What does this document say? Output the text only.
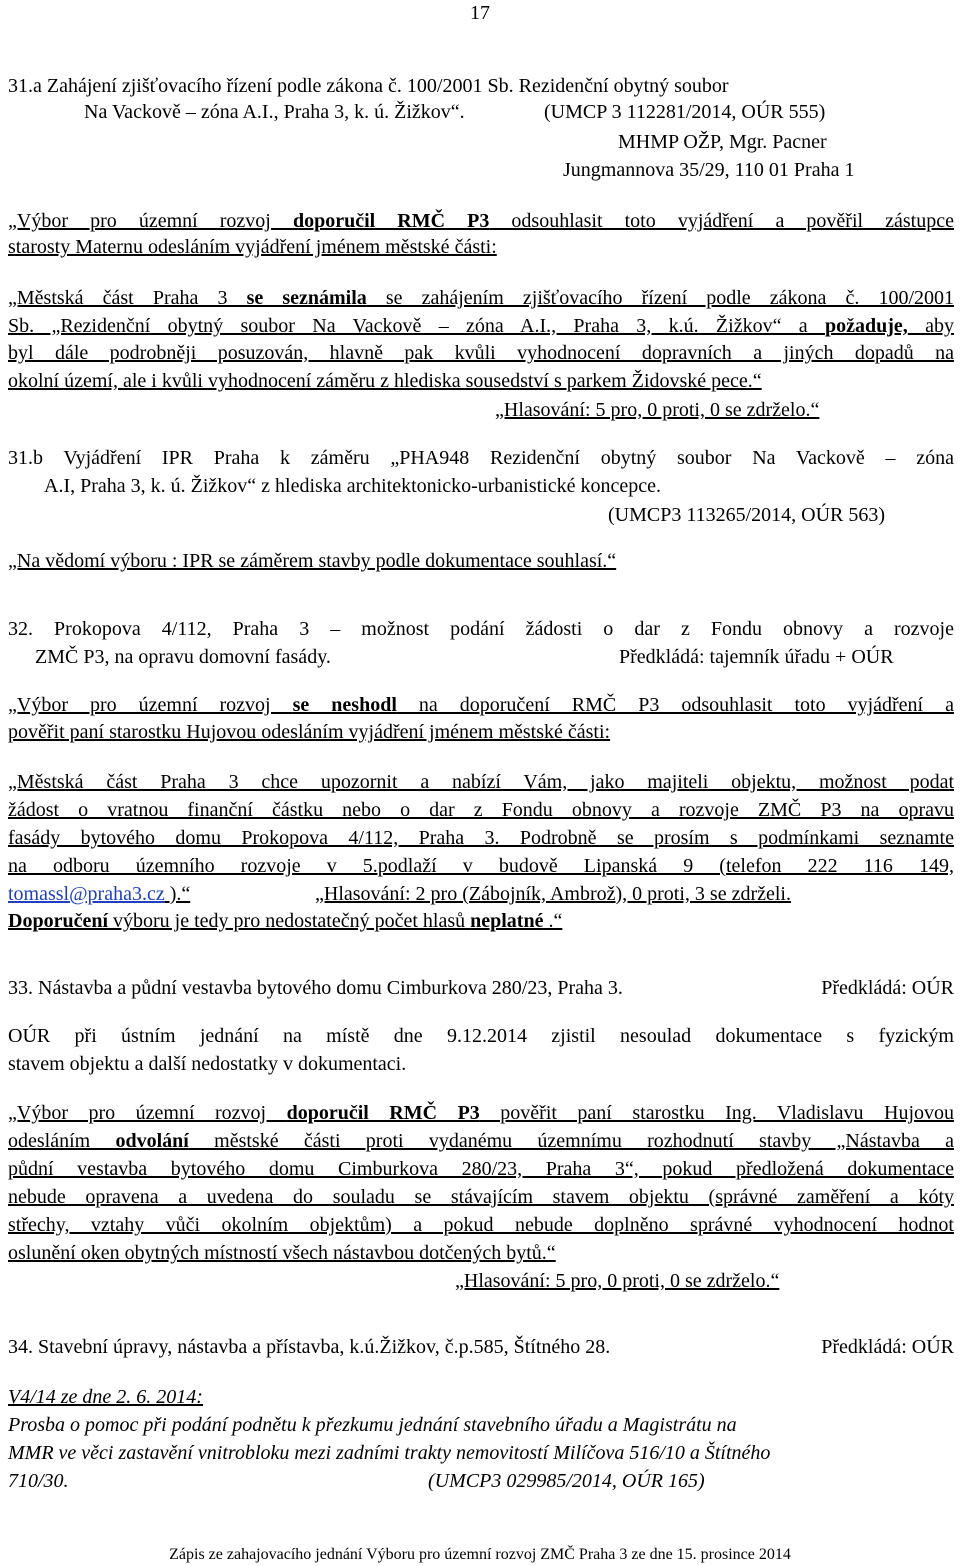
17
31.a Zahájení zjišťovacího řízení podle zákona č. 100/2001 Sb. Rezidenční obytný soubor
Na Vackově – zóna A.I., Praha 3, k. ú. Žižkov“.	(UMCP 3 112281/2014, OÚR 555)
MHMP OŽP, Mgr. Pacner
Jungmannova 35/29, 110 01 Praha 1
„Výbor pro územní rozvoj doporučil RMČ P3 odsouhlasit toto vyjádření a pověřil zástupce
starosty Maternu odesláním vyjádření jménem městské části:
„Městská část Praha 3 se seznámila se zahájením zjišťovacího řízení podle zákona č. 100/2001
Sb. „Rezidenční obytný soubor Na Vackově – zóna A.I., Praha 3, k.ú. Žižkov“ a požaduje, aby
byl dále podrobněji posuzován, hlavně pak kvůli vyhodnocení dopravních a jiných dopadů na
okolní území, ale i kvůli vyhodnocení záměru z hlediska sousedství s parkem Židovské pece.“
„Hlasování: 5 pro, 0 proti, 0 se zdrželo.“
31.b Vyjádření IPR Praha k záměru „PHA948 Rezidenční obytný soubor Na Vackově – zóna
A.I, Praha 3, k. ú. Žižkov“ z hlediska architektonicko-urbanistické koncepce.
(UMCP3 113265/2014, OÚR 563)
„Na vědomí výboru : IPR se záměrem stavby podle dokumentace souhlasí.“
32. Prokopova 4/112, Praha 3 – možnost podání žádosti o dar z Fondu obnovy a rozvoje
ZMČ P3, na opravu domovní fasády.	Předkládá: tajemník úřadu + OÚR
„Výbor pro územní rozvoj se neshodl na doporučení RMČ P3 odsouhlasit toto vyjádření a
pověřit paní starostku Hujovou odesláním vyjádření jménem městské části:
„Městská část Praha 3 chce upozornit a nabízí Vám, jako majiteli objektu, možnost podat
žádost o vratnou finanční částku nebo o dar z Fondu obnovy a rozvoje ZMČ P3 na opravu
fasády bytového domu Prokopova 4/112, Praha 3. Podrobně se prosím s podmínkami seznamte
na odboru územního rozvoje v 5.podlaží v budově Lipanská 9 (telefon 222 116 149,
tomassl@praha3.cz ).“	„Hlasování: 2 pro (Zábojník, Ambrož), 0 proti, 3 se zdrželi.
Doporučení výboru je tedy pro nedostatečný počet hlasů neplatné .“
33. Nástavba a půdní vestavba bytového domu Cimburkova 280/23, Praha 3.	Předkládá: OÚR
OÚR při ústním jednání na místě dne 9.12.2014 zjistil nesoulad dokumentace s fyzickým
stavem objektu a další nedostatky v dokumentaci.
„Výbor pro územní rozvoj doporučil RMČ P3 pověřit paní starostku Ing. Vladislavu Hujovou
odesláním odvolání městské části proti vydanému územnímu rozhodnutí stavby „Nástavba a
půdní vestavba bytového domu Cimburkova 280/23, Praha 3“, pokud předložená dokumentace
nebude opravena a uvedena do souladu se stávajícím stavem objektu (správné zaměření a kóty
střechy, vztahy vůči okolním objektům) a pokud nebude doplněno správné vyhodnocení hodnot
oslunění oken obytných místností všech nástavbou dotčených bytů.“
„Hlasování: 5 pro, 0 proti, 0 se zdrželo.“
34. Stavební úpravy, nástavba a přístavba, k.ú.Žižkov, č.p.585, Štítného 28.	Předkládá: OÚR
V4/14 ze dne 2. 6. 2014:
Prosba o pomoc při podání podnětu k přezkumu jednání stavebního úřadu a Magistrátu na
MMR ve věci zastavění vnitrobloku mezi zadními trakty nemovitostí Milíčova 516/10 a Štítného
710/30.	(UMCP3 029985/2014, OÚR 165)
Zápis ze zahajovacího jednání Výboru pro územní rozvoj ZMČ Praha 3 ze dne 15. prosince 2014
